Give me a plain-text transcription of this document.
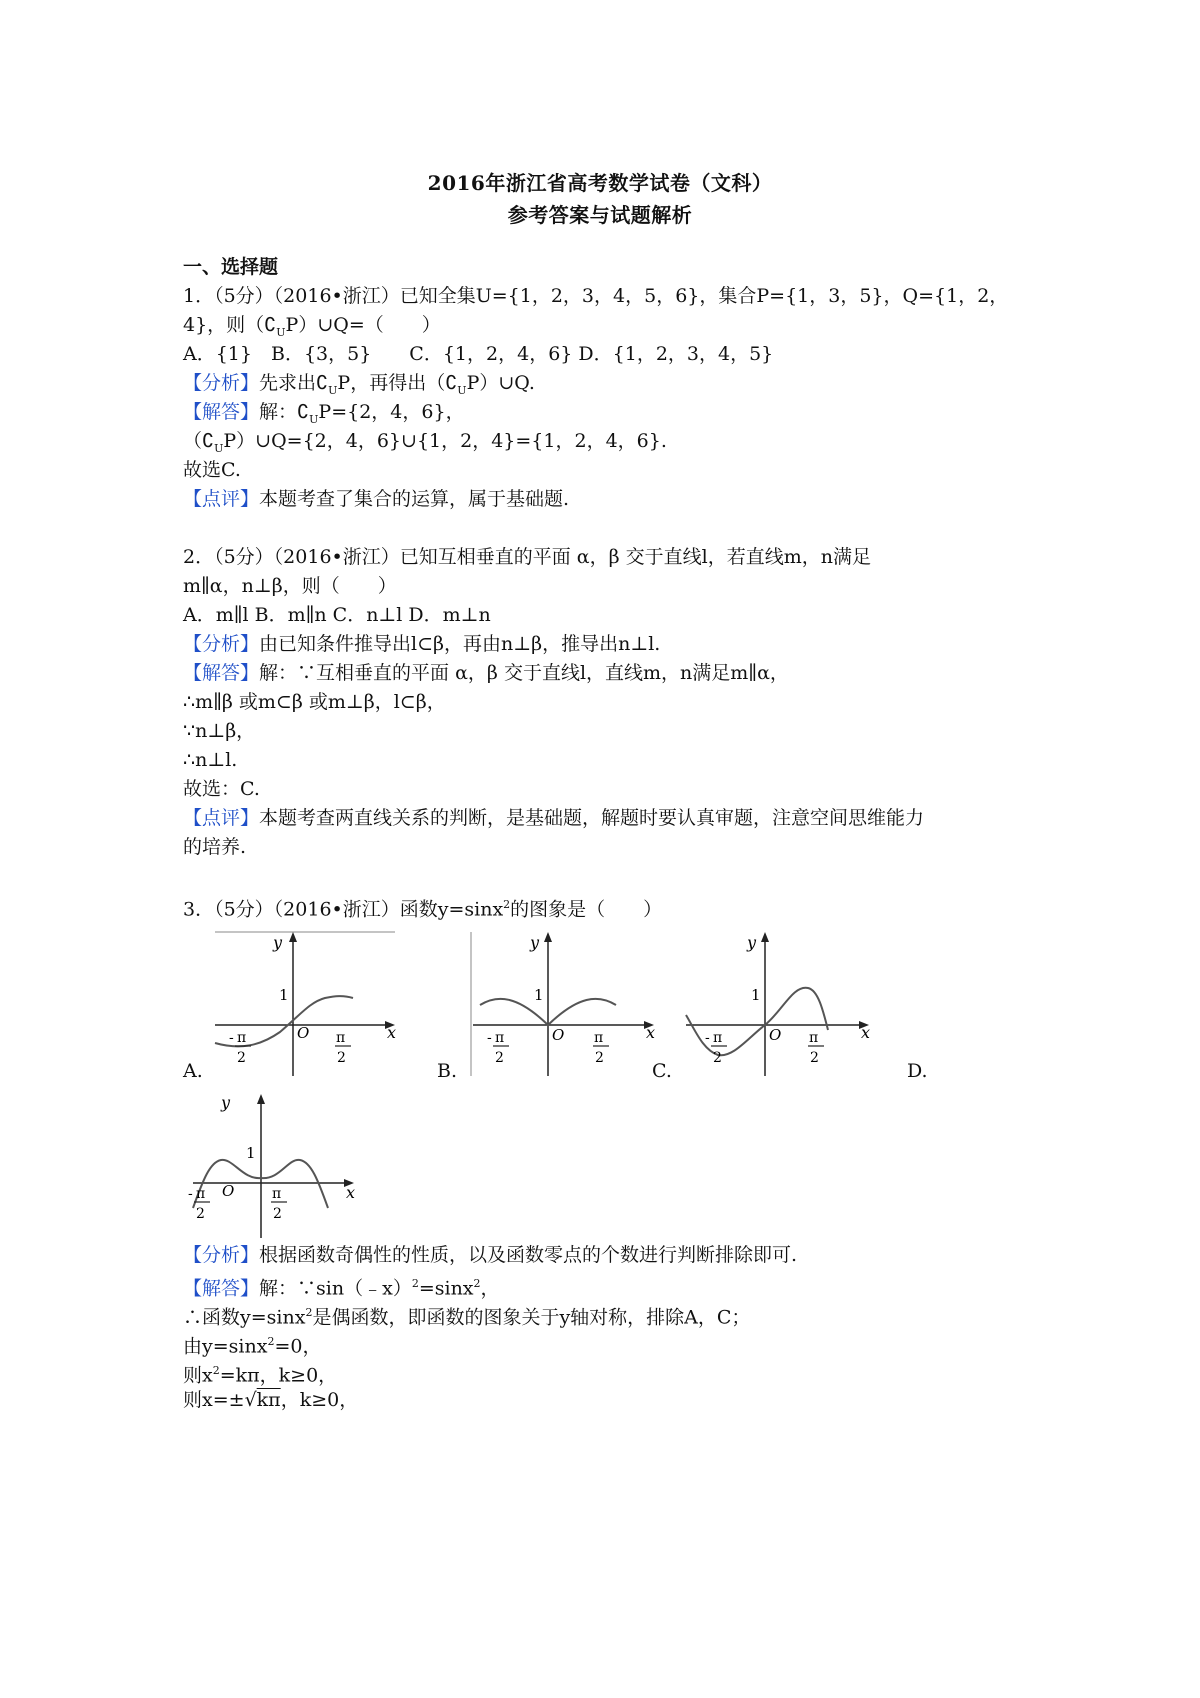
2016年浙江省高考数学试卷（文科）
参考答案与试题解析
一、选择题
1．（5分）（2016•浙江）已知全集U={1，2，3，4，5，6}，集合P={1，3，5}，Q={1，2，
4}，则$(∁_UP)\cup Q=$（　　）
A．{1}　B．{3，5}　　C．{1，2，4，6} D．{1，2，3，4，5}
【分析】先求出$∁_UP$，再得出$(∁_UP)\cup Q$.
【解答】解：$∁_UP=\{2$，4，6}，
$(∁_UP)\cup Q=\{2$，4，6}∪{1，2，4}={1，2，4，6}.
故选C.
【点评】本题考查了集合的运算，属于基础题.
2．（5分）（2016•浙江）已知互相垂直的平面 α，β 交于直线l，若直线m，n满足
m∥α，n⊥β，则（　　）
A．m∥l B．m∥n C．n⊥l D．m⊥n
【分析】由已知条件推导出l⊂β，再由n⊥β，推导出n⊥l.
【解答】解：∵互相垂直的平面 α，β 交于直线l，直线m，n满足m∥α，
∴m∥β 或m⊂β 或m⊥β，l⊂β，
∵n⊥β，
∴n⊥l.
故选：C.
【点评】本题考查两直线关系的判断，是基础题，解题时要认真审题，注意空间思维能力
的培养.
3．（5分）（2016•浙江）函数y=sinx$^2$的图象是（　　）
y
1
O	x
- π
2
π
2
A.
y
1
O	x
- π
2
π
2
B.
y
1
O	x
- π
2
π
2
C.	D.
y
1
O	x
- π
2
π
2
【分析】根据函数奇偶性的性质，以及函数零点的个数进行判断排除即可.
【解答】解：∵sin（﹣x）$^2$=sinx$^2$，
∴函数y=sinx$^2$是偶函数，即函数的图象关于y轴对称，排除A，C；
由y=sinx$^2$=0，
则$x^2=k\pi$，k≥0，
则x=±√kπ，k≥0，
